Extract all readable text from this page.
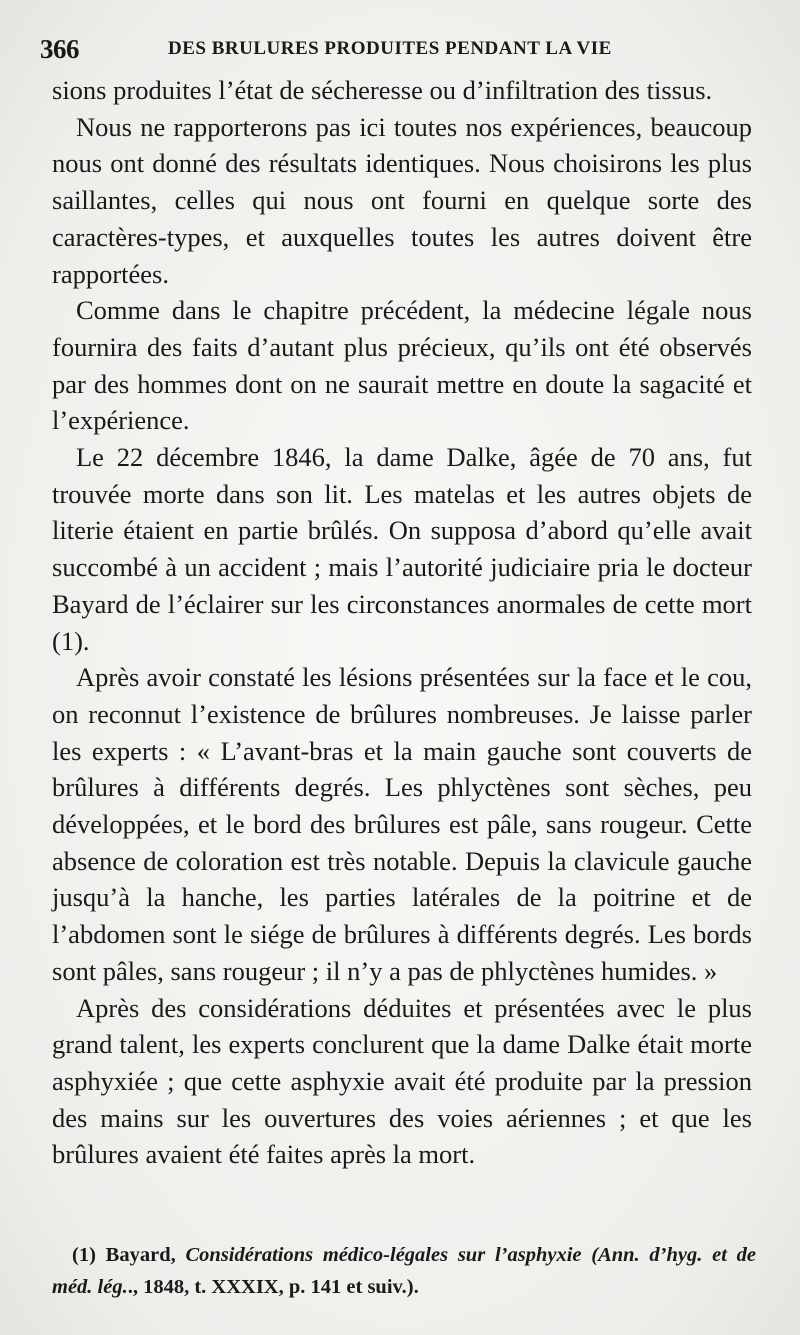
366	DES BRULURES PRODUITES PENDANT LA VIE

sions produites l’état de sécheresse ou d’infiltration des tissus.

Nous ne rapporterons pas ici toutes nos expériences, beaucoup nous ont donné des résultats identiques. Nous choisirons les plus saillantes, celles qui nous ont fourni en quelque sorte des caractères-types, et auxquelles toutes les autres doivent être rapportées.

Comme dans le chapitre précédent, la médecine légale nous fournira des faits d’autant plus précieux, qu’ils ont été observés par des hommes dont on ne saurait mettre en doute la sagacité et l’expérience.

Le 22 décembre 1846, la dame Dalke, âgée de 70 ans, fut trouvée morte dans son lit. Les matelas et les autres objets de literie étaient en partie brûlés. On supposa d’abord qu’elle avait succombé à un accident ; mais l’autorité judiciaire pria le docteur Bayard de l’éclairer sur les circonstances anormales de cette mort (1).

Après avoir constaté les lésions présentées sur la face et le cou, on reconnut l’existence de brûlures nombreuses. Je laisse parler les experts : « L’avant-bras et la main gauche sont couverts de brûlures à différents degrés. Les phlyctènes sont sèches, peu développées, et le bord des brûlures est pâle, sans rougeur. Cette absence de coloration est très notable. Depuis la clavicule gauche jusqu’à la hanche, les parties latérales de la poitrine et de l’abdomen sont le siége de brûlures à différents degrés. Les bords sont pâles, sans rougeur ; il n’y a pas de phlyctènes humides. »

Après des considérations déduites et présentées avec le plus grand talent, les experts conclurent que la dame Dalke était morte asphyxiée ; que cette asphyxie avait été produite par la pression des mains sur les ouvertures des voies aériennes ; et que les brûlures avaient été faites après la mort.

(1) Bayard, Considérations médico-légales sur l’asphyxie (Ann. d’hyg. et de méd. lég.., 1848, t. XXXIX, p. 141 et suiv.).
